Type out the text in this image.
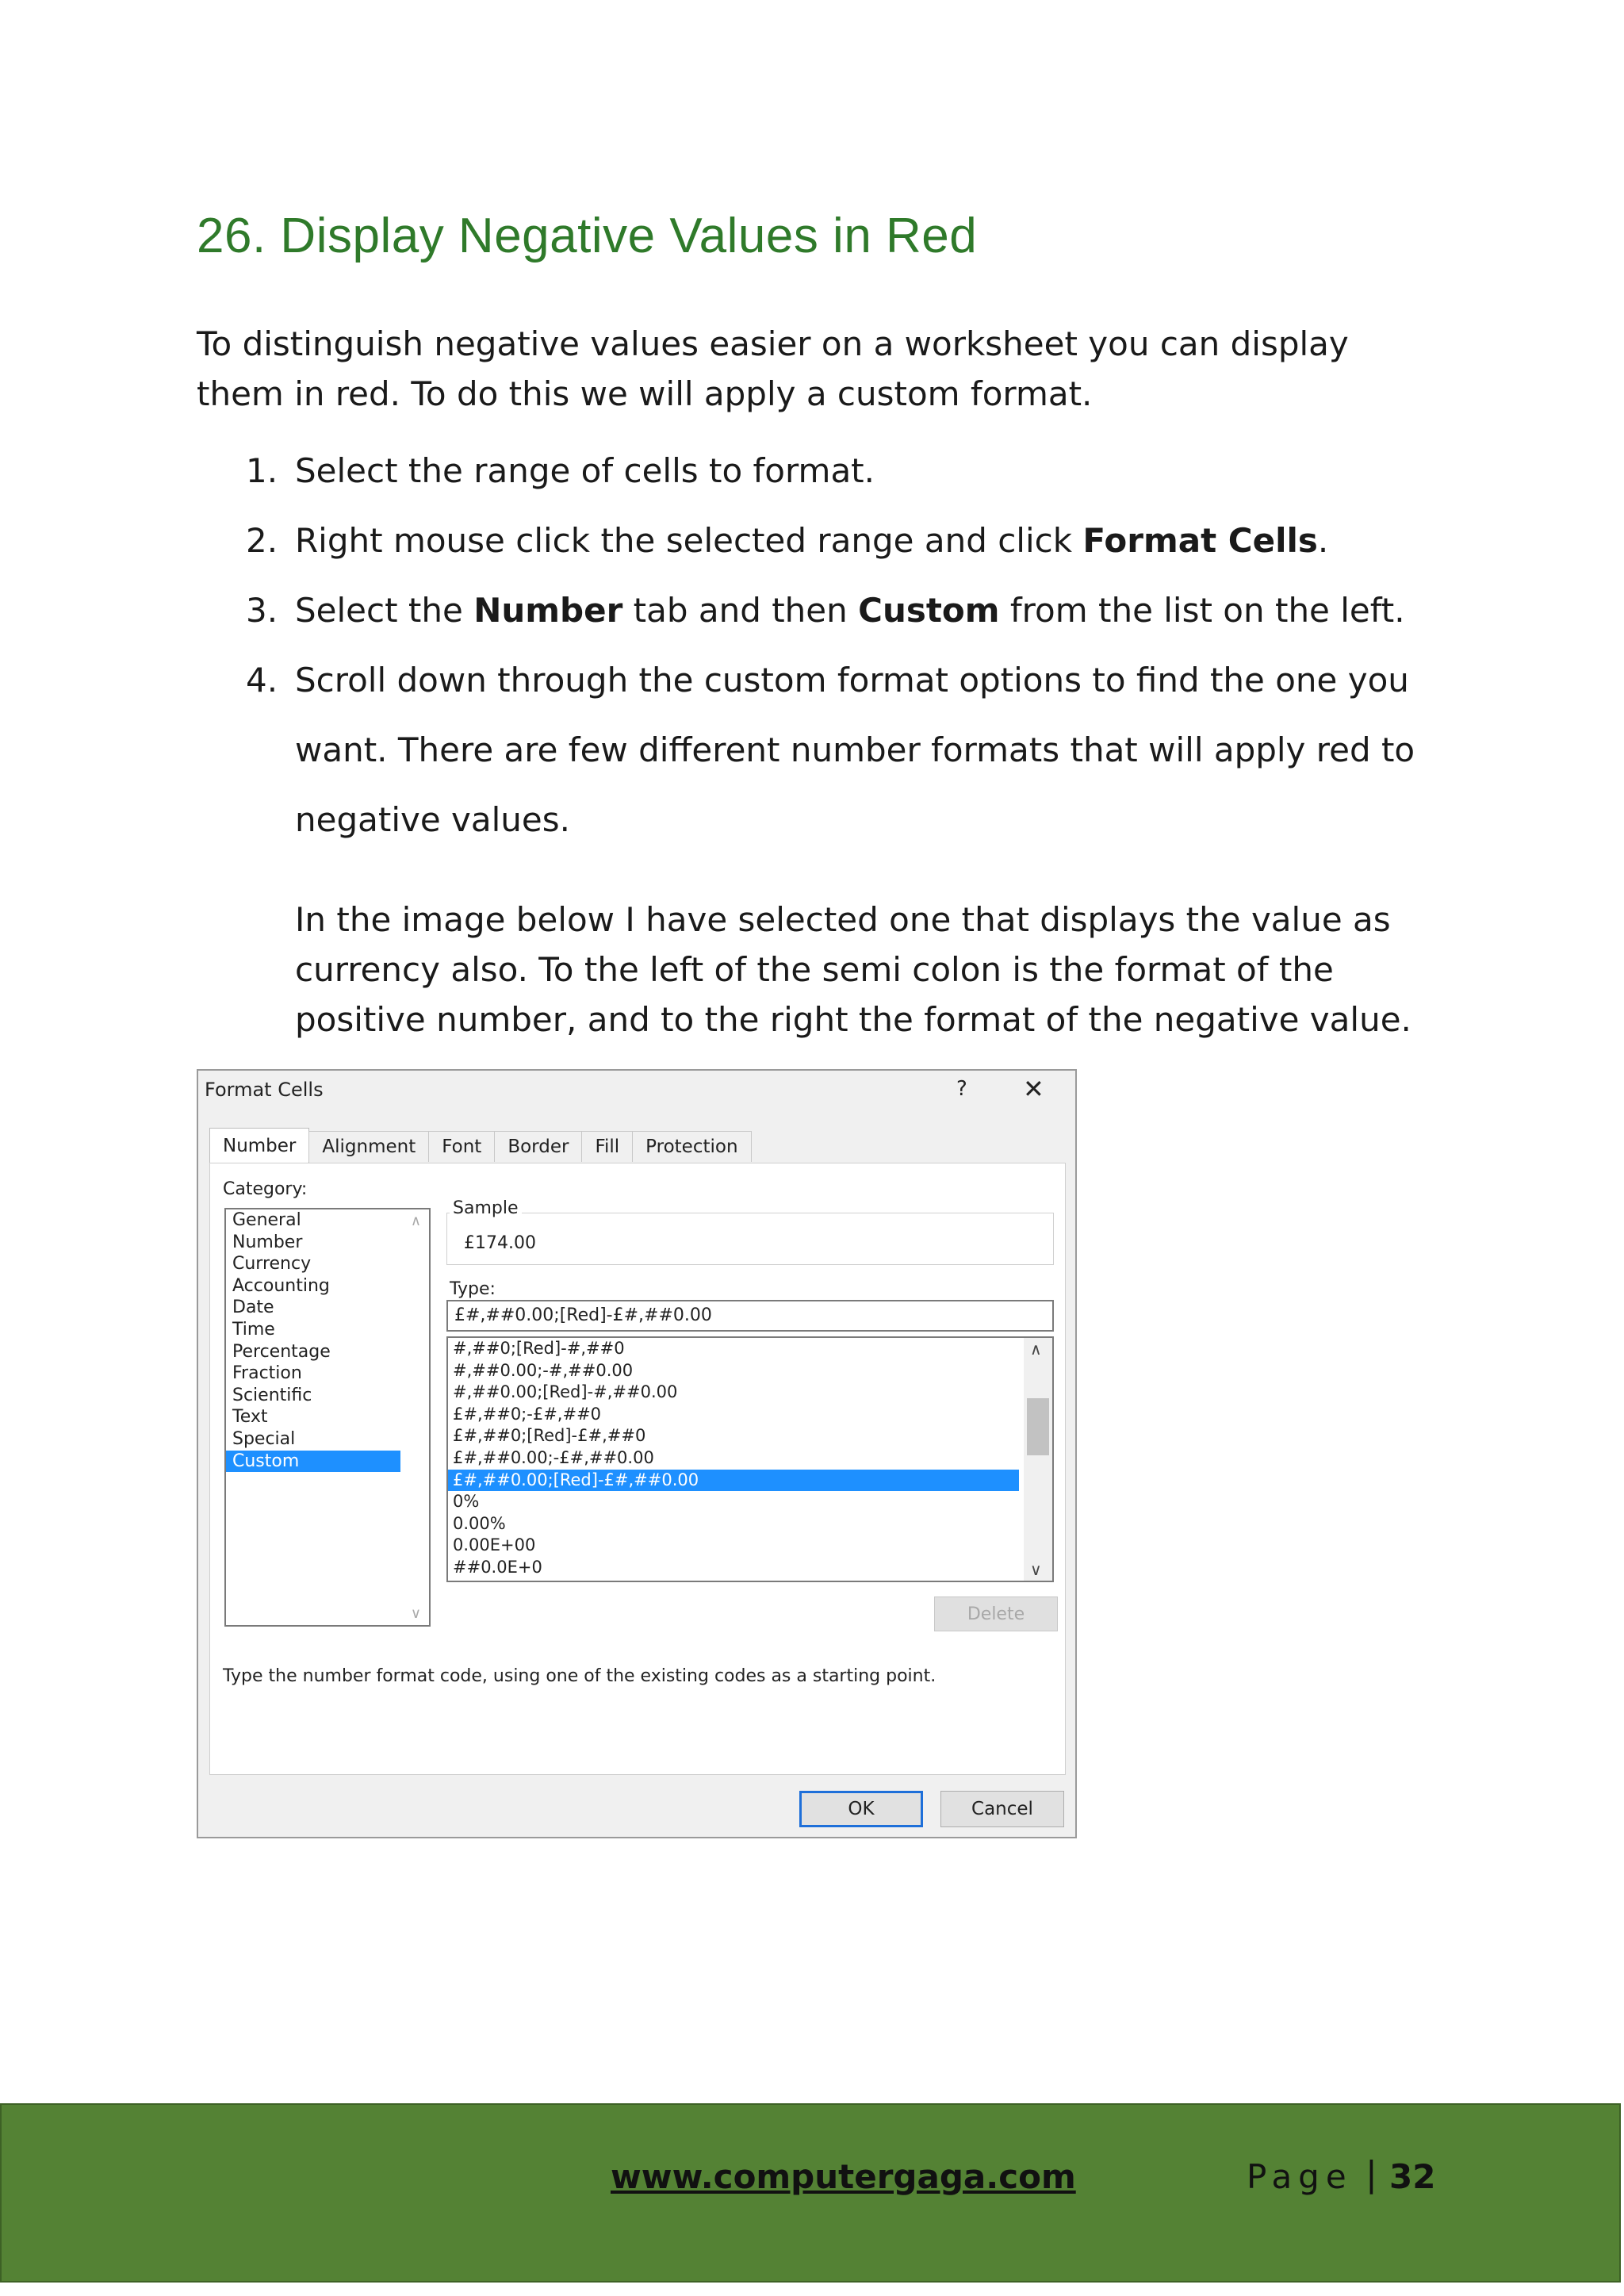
26. Display Negative Values in Red
To distinguish negative values easier on a worksheet you can display them in red. To do this we will apply a custom format.
1. Select the range of cells to format.
2. Right mouse click the selected range and click Format Cells.
3. Select the Number tab and then Custom from the list on the left.
4. Scroll down through the custom format options to find the one you
want. There are few different number formats that will apply red to
negative values.
In the image below I have selected one that displays the value as currency also. To the left of the semi colon is the format of the positive number, and to the right the format of the negative value.
Format Cells	? ✕
Number	Alignment	Font	Border	Fill	Protection
Category:
General
Number
Currency
Accounting
Date
Time
Percentage
Fraction
Scientific
Text
Special
Custom
∧
∨
Sample
£174.00
Type:
£#,##0.00;[Red]-£#,##0.00
#,##0;[Red]-#,##0
#,##0.00;-#,##0.00
#,##0.00;[Red]-#,##0.00
£#,##0;-£#,##0
£#,##0;[Red]-£#,##0
£#,##0.00;-£#,##0.00
£#,##0.00;[Red]-£#,##0.00
0%
0.00%
0.00E+00
##0.0E+0
∧
∨
Delete
Type the number format code, using one of the existing codes as a starting point.
OK	Cancel
www.computergaga.com	Page | 32
